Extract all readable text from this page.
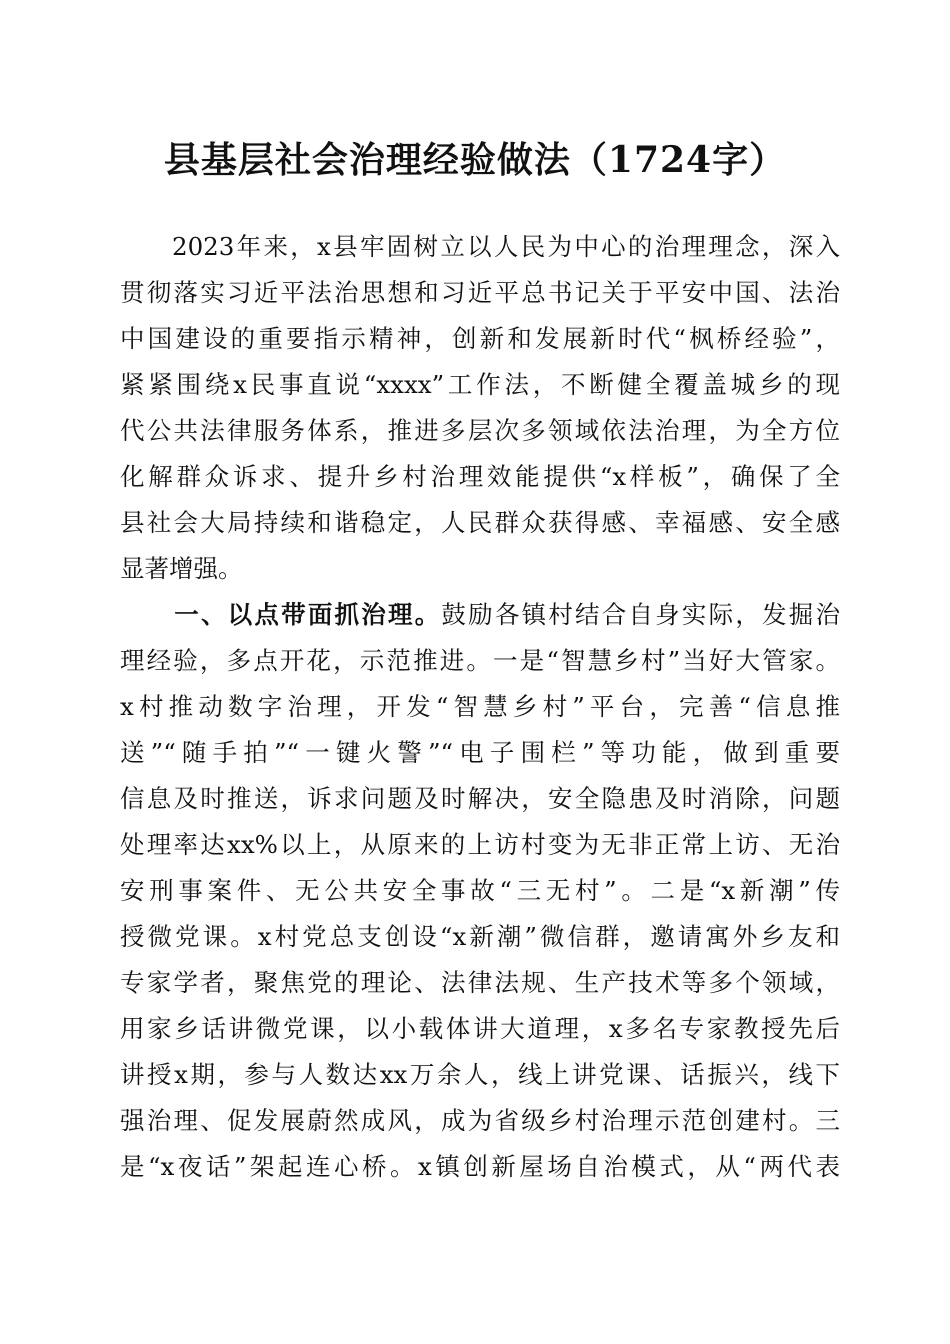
县基层社会治理经验做法（1724字）
2023年来，x县牢固树立以人民为中心的治理理念，深入
贯彻落实习近平法治思想和习近平总书记关于平安中国、法治
中国建设的重要指示精神，创新和发展新时代“枫桥经验”，
紧紧围绕x民事直说“xxxx”工作法，不断健全覆盖城乡的现
代公共法律服务体系，推进多层次多领域依法治理，为全方位
化解群众诉求、提升乡村治理效能提供“x样板”，确保了全
县社会大局持续和谐稳定，人民群众获得感、幸福感、安全感
显著增强。
一、以点带面抓治理。鼓励各镇村结合自身实际，发掘治
理经验，多点开花，示范推进。一是“智慧乡村”当好大管家。
x村推动数字治理，开发“智慧乡村”平台，完善“信息推
送”“随手拍”“一键火警”“电子围栏”等功能，做到重要
信息及时推送，诉求问题及时解决，安全隐患及时消除，问题
处理率达xx%以上，从原来的上访村变为无非正常上访、无治
安刑事案件、无公共安全事故“三无村”。二是“x新潮”传
授微党课。x村党总支创设“x新潮”微信群，邀请寓外乡友和
专家学者，聚焦党的理论、法律法规、生产技术等多个领域，
用家乡话讲微党课，以小载体讲大道理，x多名专家教授先后
讲授x期，参与人数达xx万余人，线上讲党课、话振兴，线下
强治理、促发展蔚然成风，成为省级乡村治理示范创建村。三
是“x夜话”架起连心桥。x镇创新屋场自治模式，从“两代表
